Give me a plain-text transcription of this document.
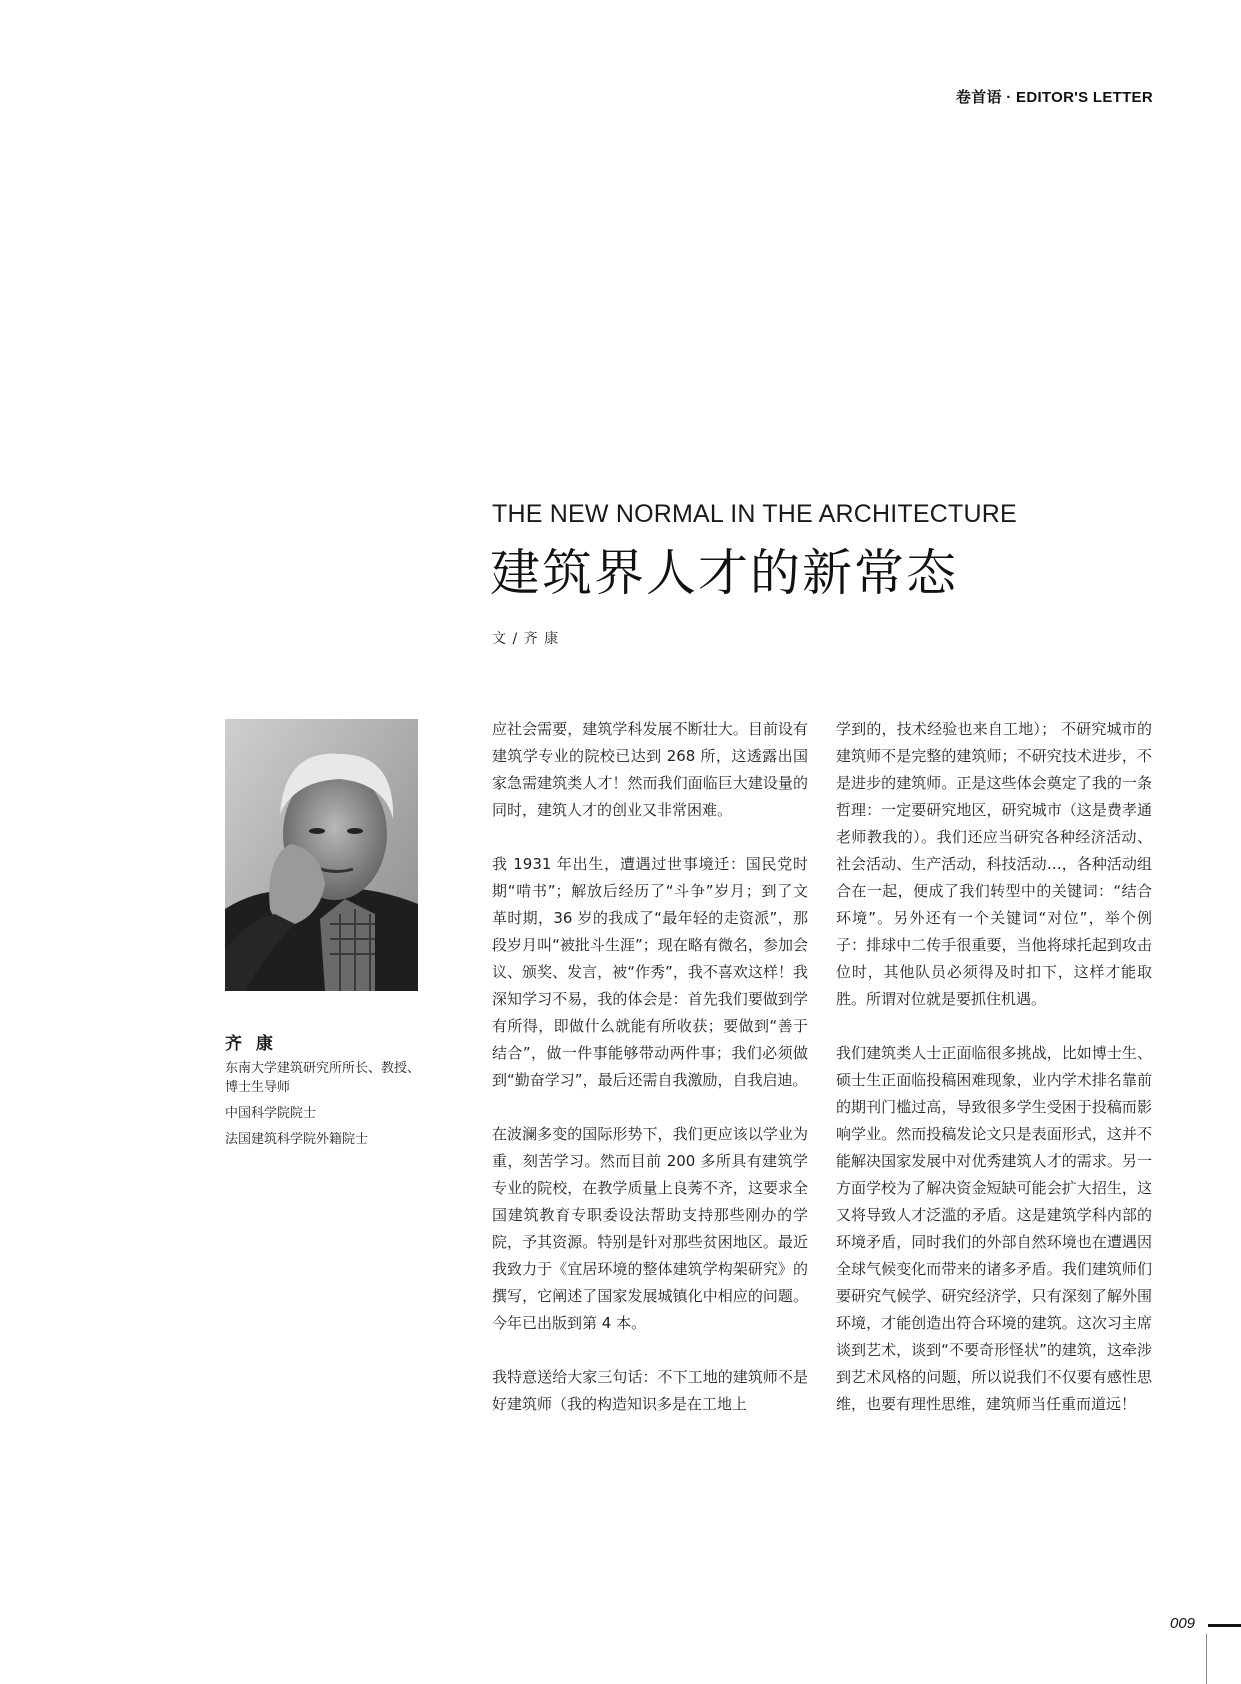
卷首语 · EDITOR'S LETTER
THE NEW NORMAL IN THE ARCHITECTURE
建筑界人才的新常态
文 / 齐 康
齐 康
东南大学建筑研究所所长、教授、博士生导师
中国科学院院士
法国建筑科学院外籍院士

应社会需要，建筑学科发展不断壮大。目前设有建筑学专业的院校已达到 268 所，这透露出国家急需建筑类人才！然而我们面临巨大建设量的同时，建筑人才的创业又非常困难。

我 1931 年出生，遭遇过世事境迁：国民党时期“啃书”；解放后经历了“斗争”岁月；到了文革时期，36 岁的我成了“最年轻的走资派”，那段岁月叫“被批斗生涯”；现在略有微名，参加会议、颁奖、发言，被“作秀”，我不喜欢这样！我深知学习不易，我的体会是：首先我们要做到学有所得，即做什么就能有所收获；要做到“善于结合”，做一件事能够带动两件事；我们必须做到“勤奋学习”，最后还需自我激励，自我启迪。

在波澜多变的国际形势下，我们更应该以学业为重，刻苦学习。然而目前 200 多所具有建筑学专业的院校，在教学质量上良莠不齐，这要求全国建筑教育专职委设法帮助支持那些刚办的学院，予其资源。特别是针对那些贫困地区。最近我致力于《宜居环境的整体建筑学构架研究》的撰写，它阐述了国家发展城镇化中相应的问题。今年已出版到第 4 本。

我特意送给大家三句话：不下工地的建筑师不是好建筑师（我的构造知识多是在工地上

学到的，技术经验也来自工地）； 不研究城市的建筑师不是完整的建筑师；不研究技术进步，不是进步的建筑师。正是这些体会奠定了我的一条哲理：一定要研究地区，研究城市（这是费孝通老师教我的）。我们还应当研究各种经济活动、社会活动、生产活动，科技活动…，各种活动组合在一起，便成了我们转型中的关键词：“结合环境”。另外还有一个关键词“对位”，举个例子：排球中二传手很重要，当他将球托起到攻击位时，其他队员必须得及时扣下，这样才能取胜。所谓对位就是要抓住机遇。

我们建筑类人士正面临很多挑战，比如博士生、硕士生正面临投稿困难现象，业内学术排名靠前的期刊门槛过高，导致很多学生受困于投稿而影响学业。然而投稿发论文只是表面形式，这并不能解决国家发展中对优秀建筑人才的需求。另一方面学校为了解决资金短缺可能会扩大招生，这又将导致人才泛滥的矛盾。这是建筑学科内部的环境矛盾，同时我们的外部自然环境也在遭遇因全球气候变化而带来的诸多矛盾。我们建筑师们要研究气候学、研究经济学，只有深刻了解外围环境，才能创造出符合环境的建筑。这次习主席谈到艺术，谈到“不要奇形怪状”的建筑，这牵涉到艺术风格的问题，所以说我们不仅要有感性思维，也要有理性思维，建筑师当任重而道远！

009
